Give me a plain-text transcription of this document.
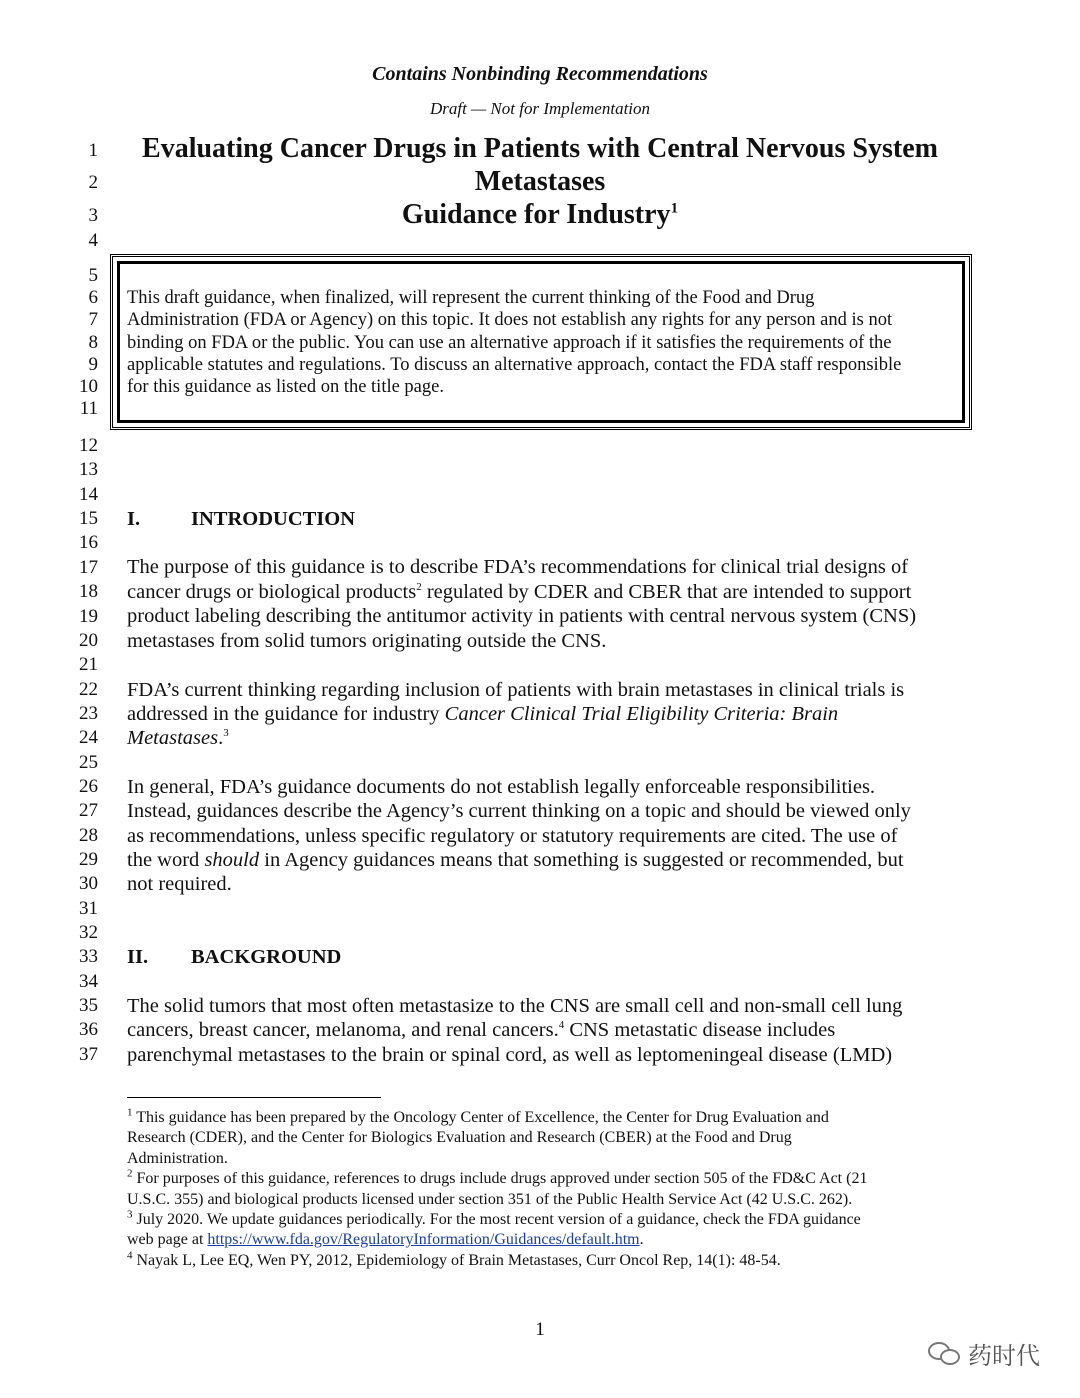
Contains Nonbinding Recommendations
Draft — Not for Implementation
Evaluating Cancer Drugs in Patients with Central Nervous System
Metastases
Guidance for Industry$^1$
1
2
3
4
5
6
7
8
9
10
11
12
13
14
15
16
17
18
19
20
21
22
23
24
25
26
27
28
29
30
31
32
33
34
35
36
37
This draft guidance, when finalized, will represent the current thinking of the Food and Drug
Administration (FDA or Agency) on this topic. It does not establish any rights for any person and is not
binding on FDA or the public. You can use an alternative approach if it satisfies the requirements of the
applicable statutes and regulations. To discuss an alternative approach, contact the FDA staff responsible
for this guidance as listed on the title page.
I. INTRODUCTION
The purpose of this guidance is to describe FDA’s recommendations for clinical trial designs of
cancer drugs or biological products$^2$ regulated by CDER and CBER that are intended to support
product labeling describing the antitumor activity in patients with central nervous system (CNS)
metastases from solid tumors originating outside the CNS.
FDA’s current thinking regarding inclusion of patients with brain metastases in clinical trials is
addressed in the guidance for industry Cancer Clinical Trial Eligibility Criteria: Brain
Metastases.$^3$
In general, FDA’s guidance documents do not establish legally enforceable responsibilities.
Instead, guidances describe the Agency’s current thinking on a topic and should be viewed only
as recommendations, unless specific regulatory or statutory requirements are cited. The use of
the word should in Agency guidances means that something is suggested or recommended, but
not required.
II. BACKGROUND
The solid tumors that most often metastasize to the CNS are small cell and non-small cell lung
cancers, breast cancer, melanoma, and renal cancers.$^4$ CNS metastatic disease includes
parenchymal metastases to the brain or spinal cord, as well as leptomeningeal disease (LMD)
$^1$ This guidance has been prepared by the Oncology Center of Excellence, the Center for Drug Evaluation and
Research (CDER), and the Center for Biologics Evaluation and Research (CBER) at the Food and Drug
Administration.
$^2$ For purposes of this guidance, references to drugs include drugs approved under section 505 of the FD&C Act (21
U.S.C. 355) and biological products licensed under section 351 of the Public Health Service Act (42 U.S.C. 262).
$^3$ July 2020. We update guidances periodically. For the most recent version of a guidance, check the FDA guidance
web page at https://www.fda.gov/RegulatoryInformation/Guidances/default.htm.
$^4$ Nayak L, Lee EQ, Wen PY, 2012, Epidemiology of Brain Metastases, Curr Oncol Rep, 14(1): 48-54.
1
药时代
